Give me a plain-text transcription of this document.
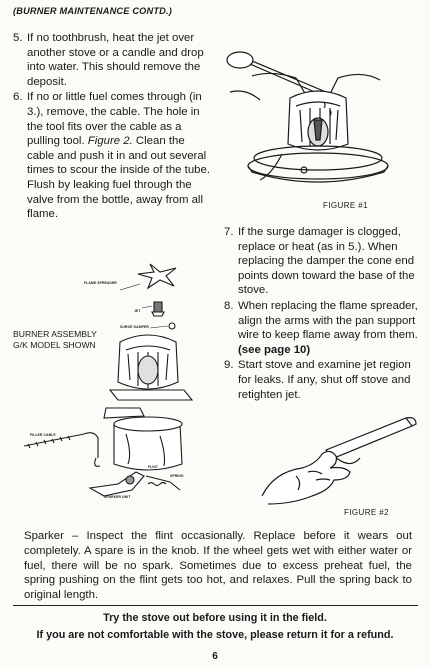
(BURNER MAINTENANCE CONTD.)
5. If no toothbrush, heat the jet over another stove or a candle and drop into water. This should remove the deposit.
6. If no or little fuel comes through (in 3.), remove, the cable. The hole in the tool fits over the cable as a pulling tool. Figure 2. Clean the cable and push it in and out several times to scour the inside of the tube. Flush by leaking fuel through the valve from the bottle, away from all flame.
7. If the surge damager is clogged, replace or heat (as in 5.). When replacing the damper the cone end points down toward the base of the stove.
8. When replacing the flame spreader, align the arms with the pan support wire to keep flame away from them. (see page 10)
9. Start stove and examine jet region for leaks. If any, shut off stove and retighten jet.
FIGURE #1
BURNER ASSEMBLY
G/K MODEL SHOWN
FLAME SPREADER
JET
SURGE DAMPER
FILLER CABLE
FLINT
SPRING
SPARKER UNIT
FIGURE #2
Sparker – Inspect the flint occasionally. Replace before it wears out completely. A spare is in the knob. If the wheel gets wet with either water or fuel, there will be no spark. Sometimes due to excess preheat fuel, the spring pushing on the flint gets too hot, and relaxes. Pull the spring back to original length.
Try the stove out before using it in the field.
If you are not comfortable with the stove, please return it for a refund.
6
